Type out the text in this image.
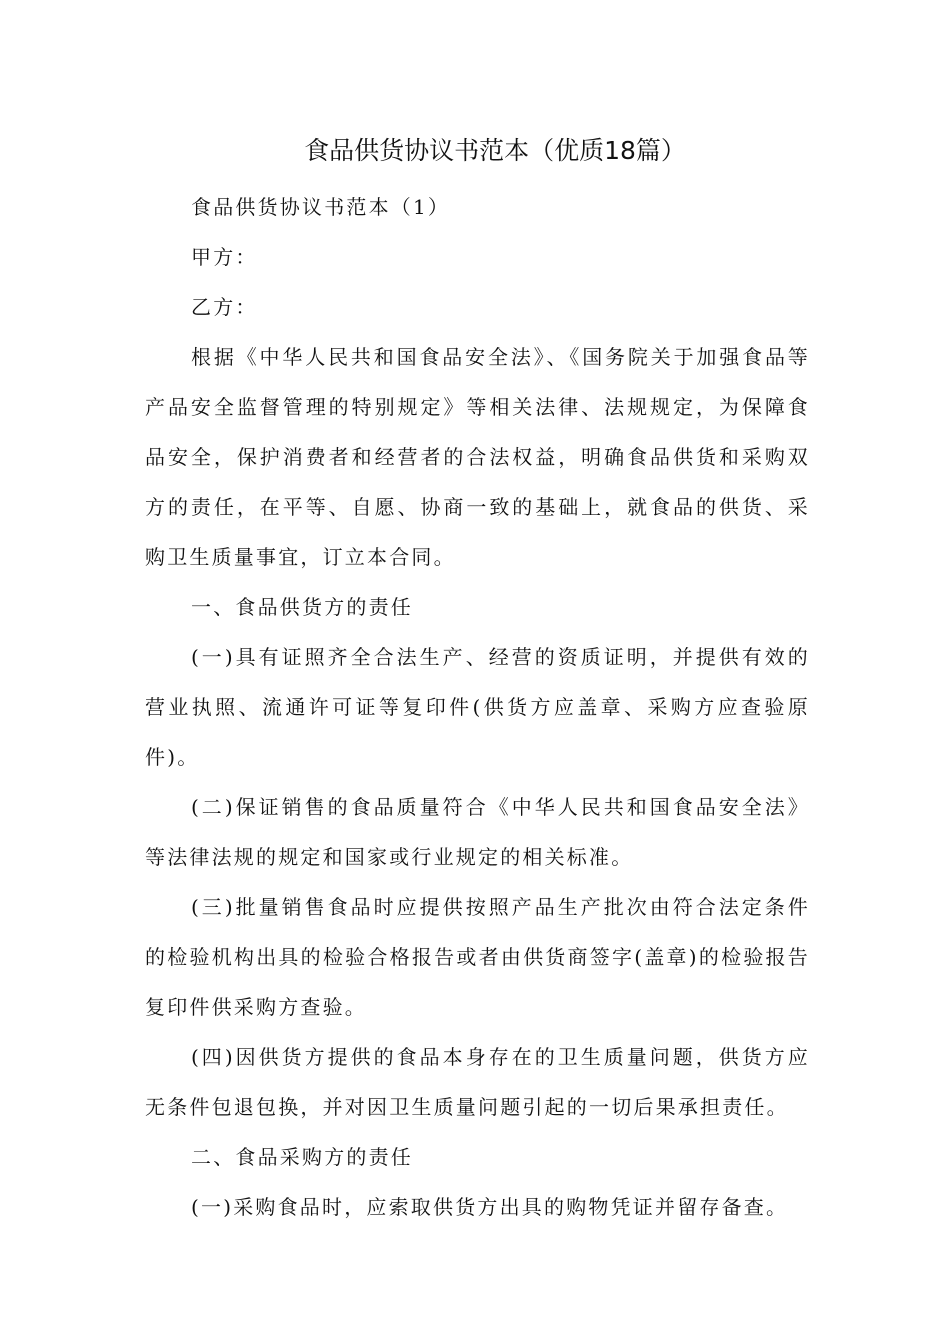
食品供货协议书范本（优质18篇）

食品供货协议书范本（1）

甲方：

乙方：

根据《中华人民共和国食品安全法》、《国务院关于加强食品等产品安全监督管理的特别规定》等相关法律、法规规定，为保障食品安全，保护消费者和经营者的合法权益，明确食品供货和采购双方的责任，在平等、自愿、协商一致的基础上，就食品的供货、采购卫生质量事宜，订立本合同。

一、食品供货方的责任

(一)具有证照齐全合法生产、经营的资质证明，并提供有效的营业执照、流通许可证等复印件(供货方应盖章、采购方应查验原件)。

(二)保证销售的食品质量符合《中华人民共和国食品安全法》等法律法规的规定和国家或行业规定的相关标准。

(三)批量销售食品时应提供按照产品生产批次由符合法定条件的检验机构出具的检验合格报告或者由供货商签字(盖章)的检验报告复印件供采购方查验。

(四)因供货方提供的食品本身存在的卫生质量问题，供货方应无条件包退包换，并对因卫生质量问题引起的一切后果承担责任。

二、食品采购方的责任

(一)采购食品时，应索取供货方出具的购物凭证并留存备查。
